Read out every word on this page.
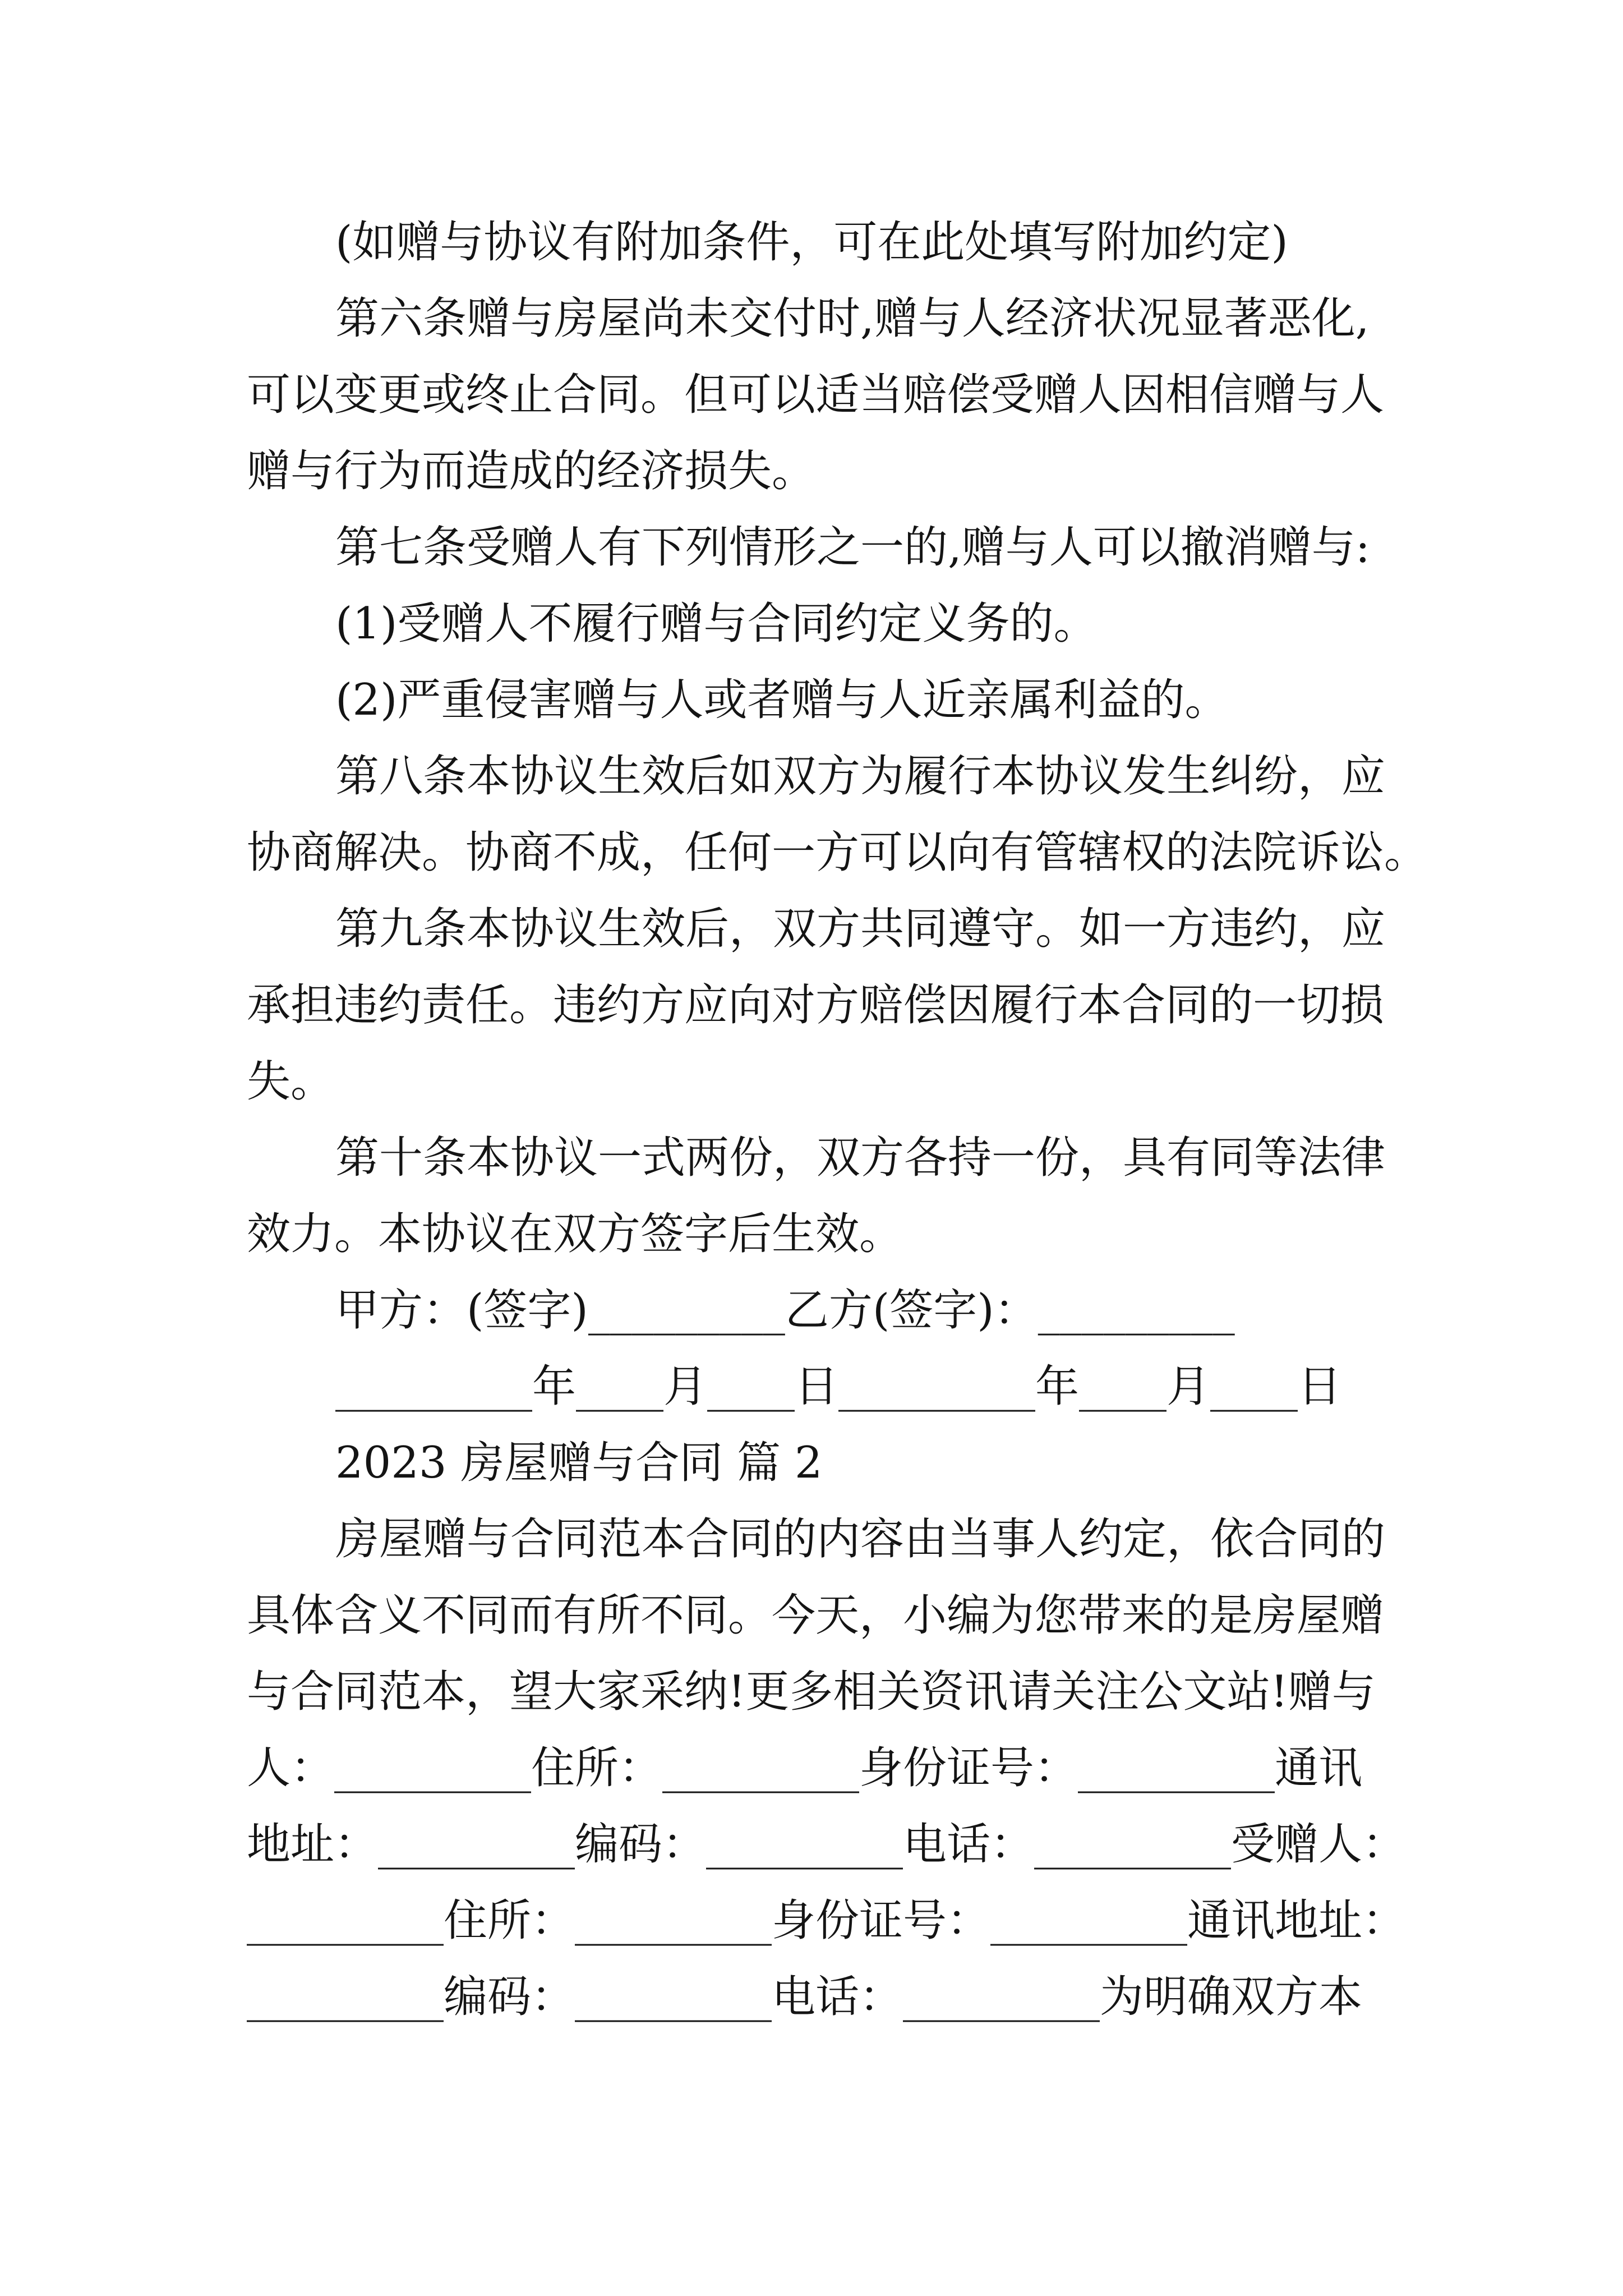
(如赠与协议有附加条件，可在此处填写附加约定)
第六条赠与房屋尚未交付时,赠与人经济状况显著恶化,
可以变更或终止合同。但可以适当赔偿受赠人因相信赠与人
赠与行为而造成的经济损失。
第七条受赠人有下列情形之一的,赠与人可以撤消赠与:
(1)受赠人不履行赠与合同约定义务的。
(2)严重侵害赠与人或者赠与人近亲属利益的。
第八条本协议生效后如双方为履行本协议发生纠纷，应
协商解决。协商不成，任何一方可以向有管辖权的法院诉讼。
第九条本协议生效后，双方共同遵守。如一方违约，应
承担违约责任。违约方应向对方赔偿因履行本合同的一切损
失。
第十条本协议一式两份，双方各持一份，具有同等法律
效力。本协议在双方签字后生效。
甲方：(签字)_________乙方(签字)：_________
_________年____月____日_________年____月____日
2023 房屋赠与合同 篇 2
房屋赠与合同范本合同的内容由当事人约定，依合同的
具体含义不同而有所不同。今天，小编为您带来的是房屋赠
与合同范本，望大家采纳!更多相关资讯请关注公文站!赠与
人：_________住所：_________身份证号：_________通讯
地址：_________编码：_________电话：_________受赠人：
_________住所：_________身份证号：_________通讯地址：
_________编码：_________电话：_________为明确双方本
